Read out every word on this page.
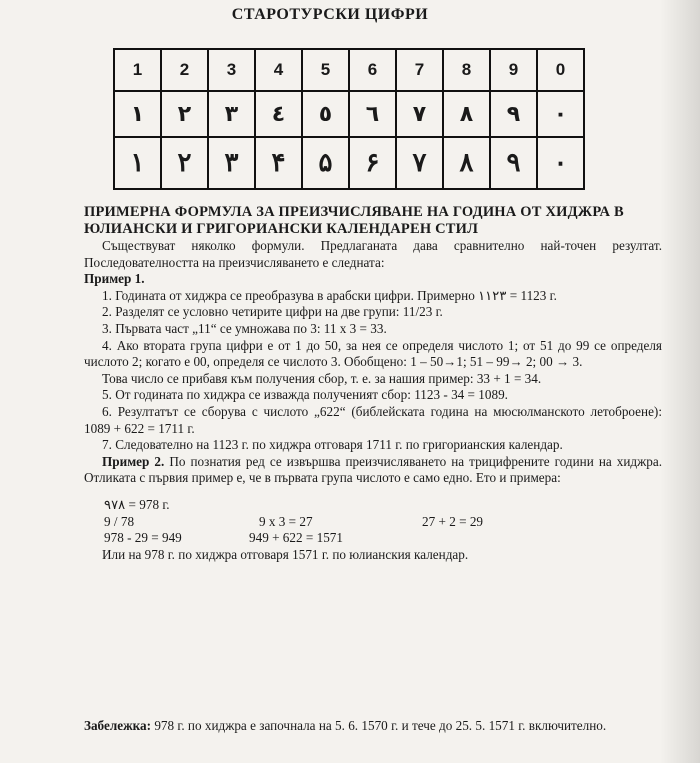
СТАРОТУРСКИ ЦИФРИ
1	2	3	4	5	6	7	8	9	0
١	٢	٣	٤	٥	٦	٧	٨	٩	٠
١	٢	٣	۴	۵	۶	٧	٨	٩	٠
ПРИМЕРНА ФОРМУЛА ЗА ПРЕИЗЧИСЛЯВАНЕ НА ГОДИНА ОТ ХИДЖРА В ЮЛИАНСКИ И ГРИГОРИАНСКИ КАЛЕНДАРЕН СТИЛ

Съществуват няколко формули. Предлаганата дава сравнително най-точен резултат. Последователността на преизчисляването е следната:

Пример 1.

1. Годината от хиджра се преобразува в арабски цифри. Примерно ١١٢٣ = 1123 г.

2. Разделят се условно четирите цифри на две групи: 11/23 г.

3. Първата част „11“ се умножава по 3: 11 x 3 = 33.

4. Ако втората група цифри е от 1 до 50, за нея се определя числото 1; от 51 до 99 се определя числото 2; когато е 00, определя се числото 3. Обобщено: 1 – 50→1; 51 – 99→ 2; 00 → 3.

Това число се прибавя към получения сбор, т. е. за нашия пример: 33 + 1 = 34.

5. От годината по хиджра се изважда полученият сбор: 1123 - 34 = 1089.

6. Резултатът се сборува с числото „622“ (библейската година на мюсюлманското летоброене): 1089 + 622 = 1711 г.

7. Следователно на 1123 г. по хиджра отговаря 1711 г. по григорианския календар.

Пример 2. По познатия ред се извършва преизчисляването на трицифрените години на хиджра. Отликата с първия пример е, че в първата група числото е само едно. Ето и примера:

٩٧٨ = 978 г.
9 / 78	9 x 3 = 27	27 + 2 = 29
978 - 29 = 949	949 + 622 = 1571
Или на 978 г. по хиджра отговаря 1571 г. по юлианския календар.
Забележка: 978 г. по хиджра е започнала на 5. 6. 1570 г. и тече до 25. 5. 1571 г. включително.
